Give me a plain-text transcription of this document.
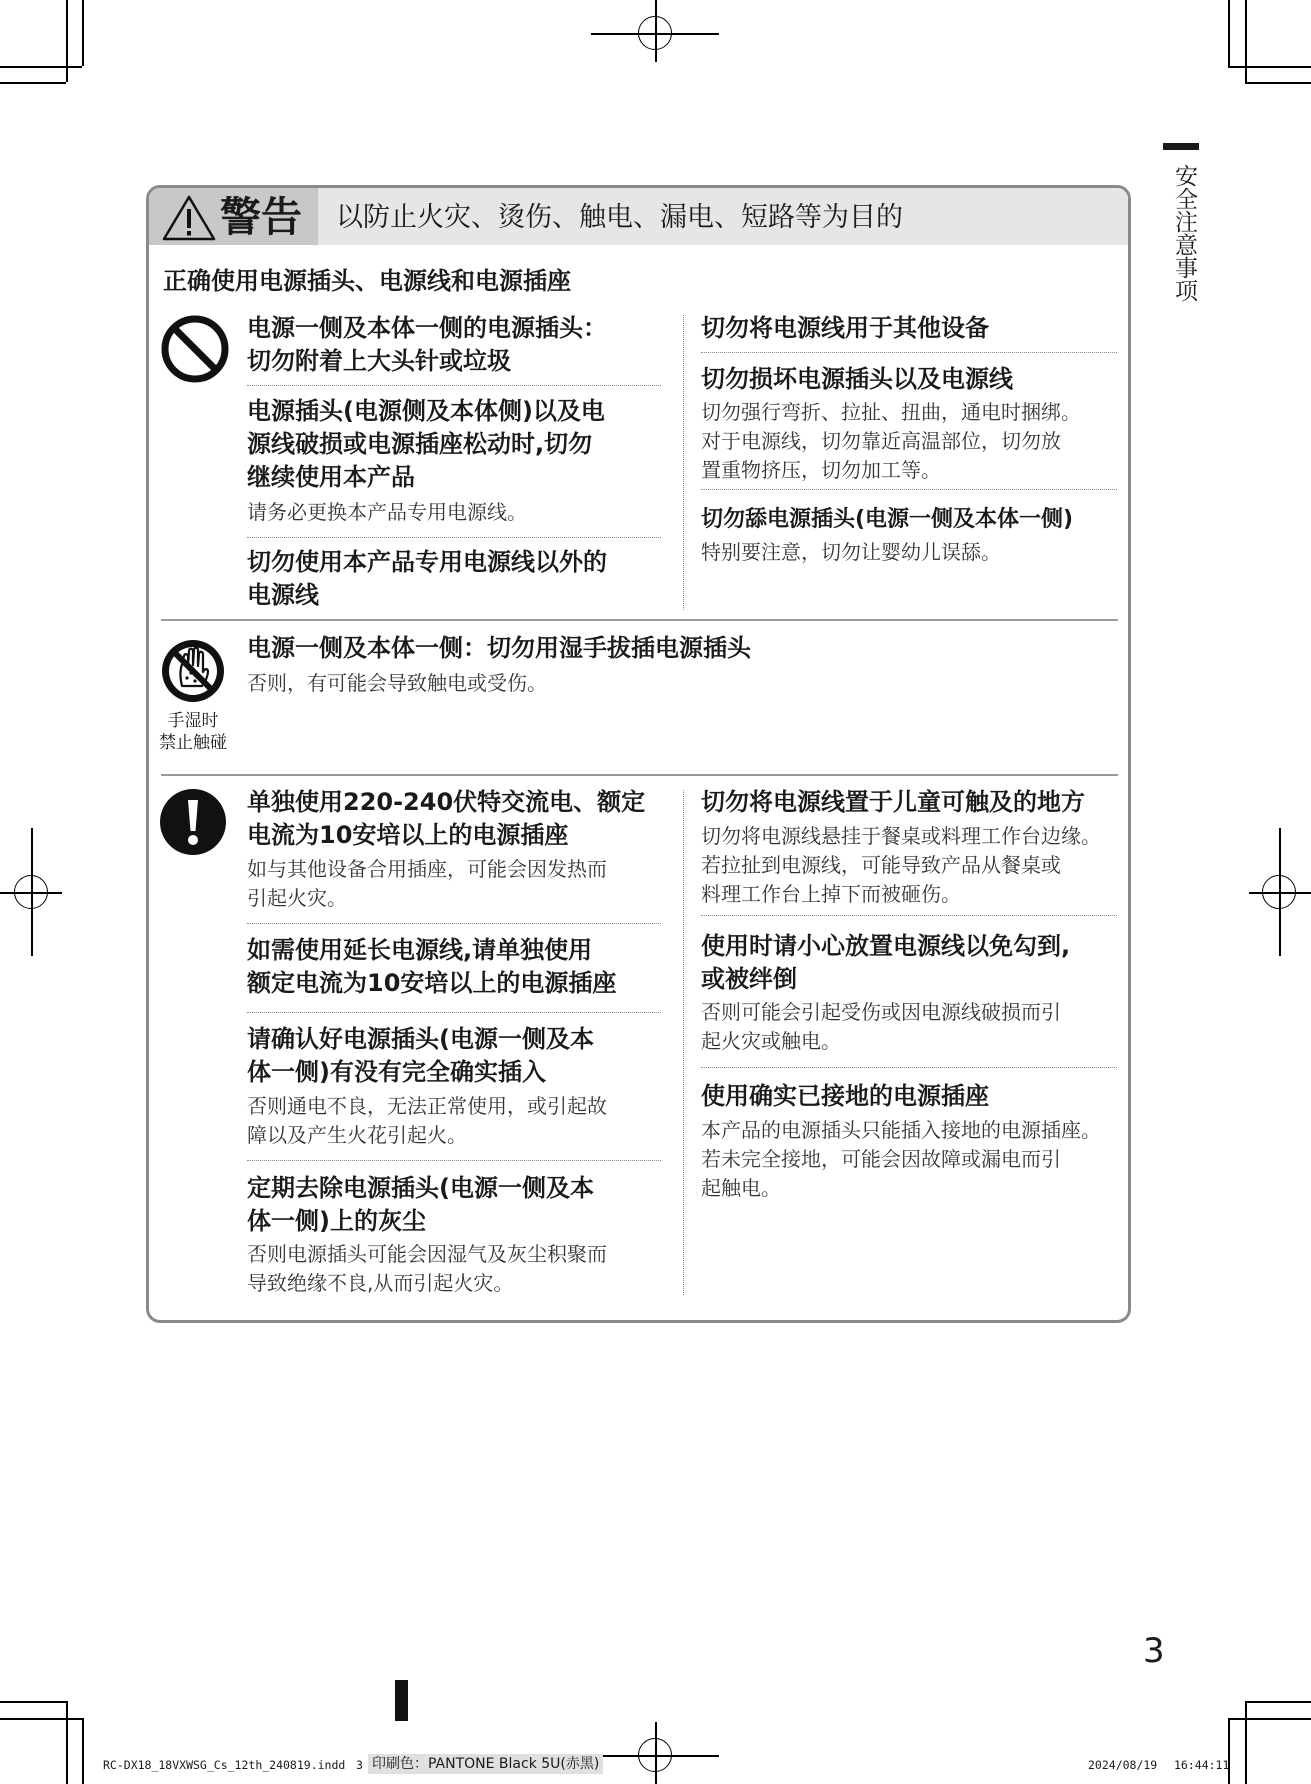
安全注意事项
警告 以防止火灾、烫伤、触电、漏电、短路等为目的
正确使用电源插头、电源线和电源插座
电源一侧及本体一侧的电源插头：
切勿附着上大头针或垃圾
电源插头(电源侧及本体侧)以及电
源线破损或电源插座松动时,切勿
继续使用本产品
请务必更换本产品专用电源线。
切勿使用本产品专用电源线以外的
电源线
切勿将电源线用于其他设备
切勿损坏电源插头以及电源线
切勿强行弯折、拉扯、扭曲，通电时捆绑。
对于电源线，切勿靠近高温部位，切勿放
置重物挤压，切勿加工等。
切勿舔电源插头(电源一侧及本体一侧)
特别要注意，切勿让婴幼儿误舔。
手湿时
禁止触碰
电源一侧及本体一侧：切勿用湿手拔插电源插头
否则，有可能会导致触电或受伤。
单独使用220-240伏特交流电、额定
电流为10安培以上的电源插座
如与其他设备合用插座，可能会因发热而
引起火灾。
如需使用延长电源线,请单独使用
额定电流为10安培以上的电源插座
请确认好电源插头(电源一侧及本
体一侧)有没有完全确实插入
否则通电不良，无法正常使用，或引起故
障以及产生火花引起火。
定期去除电源插头(电源一侧及本
体一侧)上的灰尘
否则电源插头可能会因湿气及灰尘积聚而
导致绝缘不良,从而引起火灾。
切勿将电源线置于儿童可触及的地方
切勿将电源线悬挂于餐桌或料理工作台边缘。
若拉扯到电源线，可能导致产品从餐桌或
料理工作台上掉下而被砸伤。
使用时请小心放置电源线以免勾到,
或被绊倒
否则可能会引起受伤或因电源线破损而引
起火灾或触电。
使用确实已接地的电源插座
本产品的电源插头只能插入接地的电源插座。
若未完全接地，可能会因故障或漏电而引
起触电。
3
RC-DX18_18VXWSG_Cs_12th_240819.indd 3 印刷色：PANTONE Black 5U(赤黑)	2024/08/19 16:44:11
